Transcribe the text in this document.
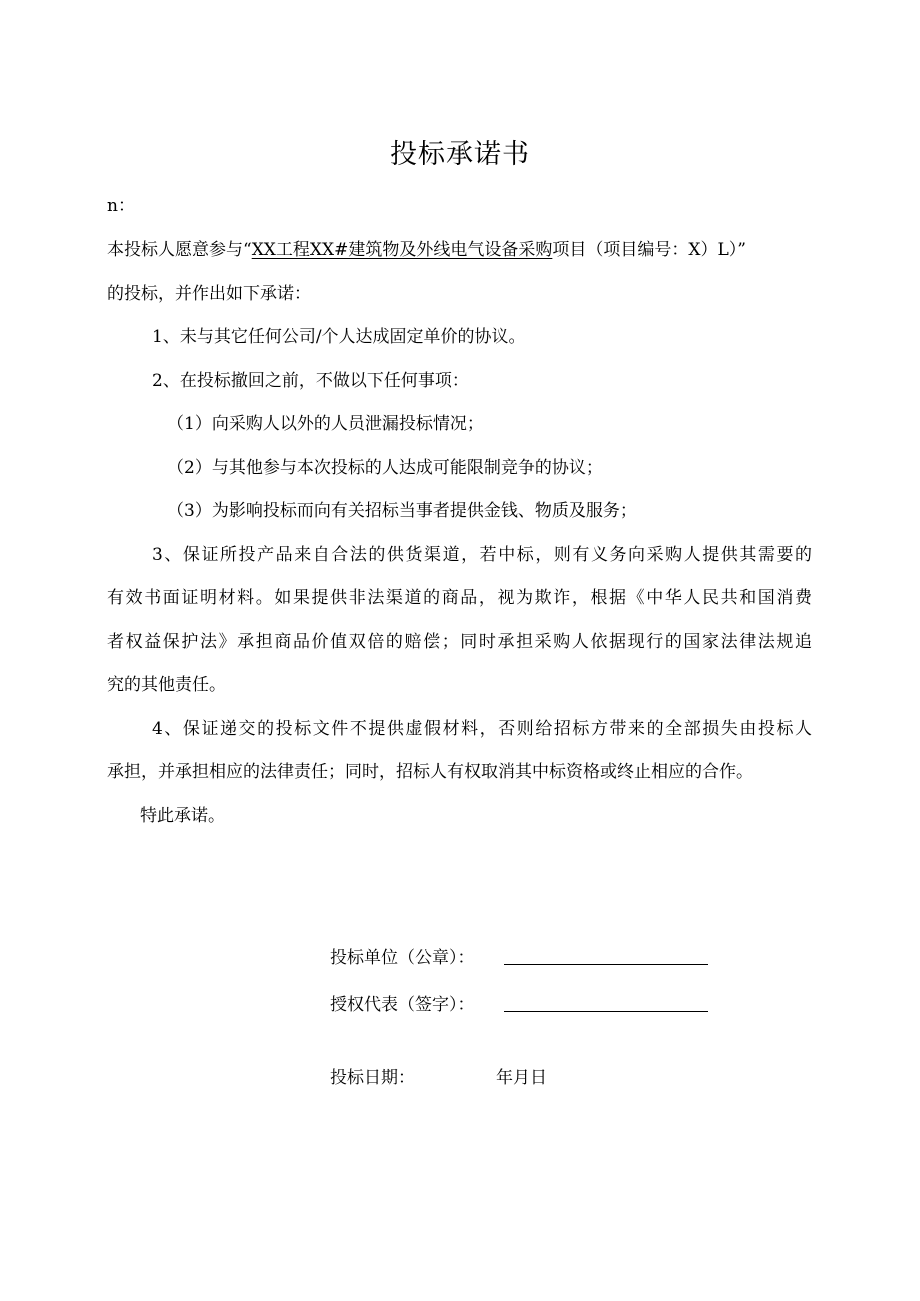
投标承诺书
n：
本投标人愿意参与“XX工程XX#建筑物及外线电气设备采购项目（项目编号：X）L）”
的投标，并作出如下承诺：
1、未与其它任何公司/个人达成固定单价的协议。
2、在投标撤回之前，不做以下任何事项：
（1）向采购人以外的人员泄漏投标情况；
（2）与其他参与本次投标的人达成可能限制竞争的协议；
（3）为影响投标而向有关招标当事者提供金钱、物质及服务；
3、保证所投产品来自合法的供货渠道，若中标，则有义务向采购人提供其需要的
有效书面证明材料。如果提供非法渠道的商品，视为欺诈，根据《中华人民共和国消费
者权益保护法》承担商品价值双倍的赔偿；同时承担采购人依据现行的国家法律法规追
究的其他责任。
4、保证递交的投标文件不提供虚假材料，否则给招标方带来的全部损失由投标人
承担，并承担相应的法律责任；同时，招标人有权取消其中标资格或终止相应的合作。
特此承诺。
投标单位（公章）：
授权代表（签字）：
投标日期：	年月日
